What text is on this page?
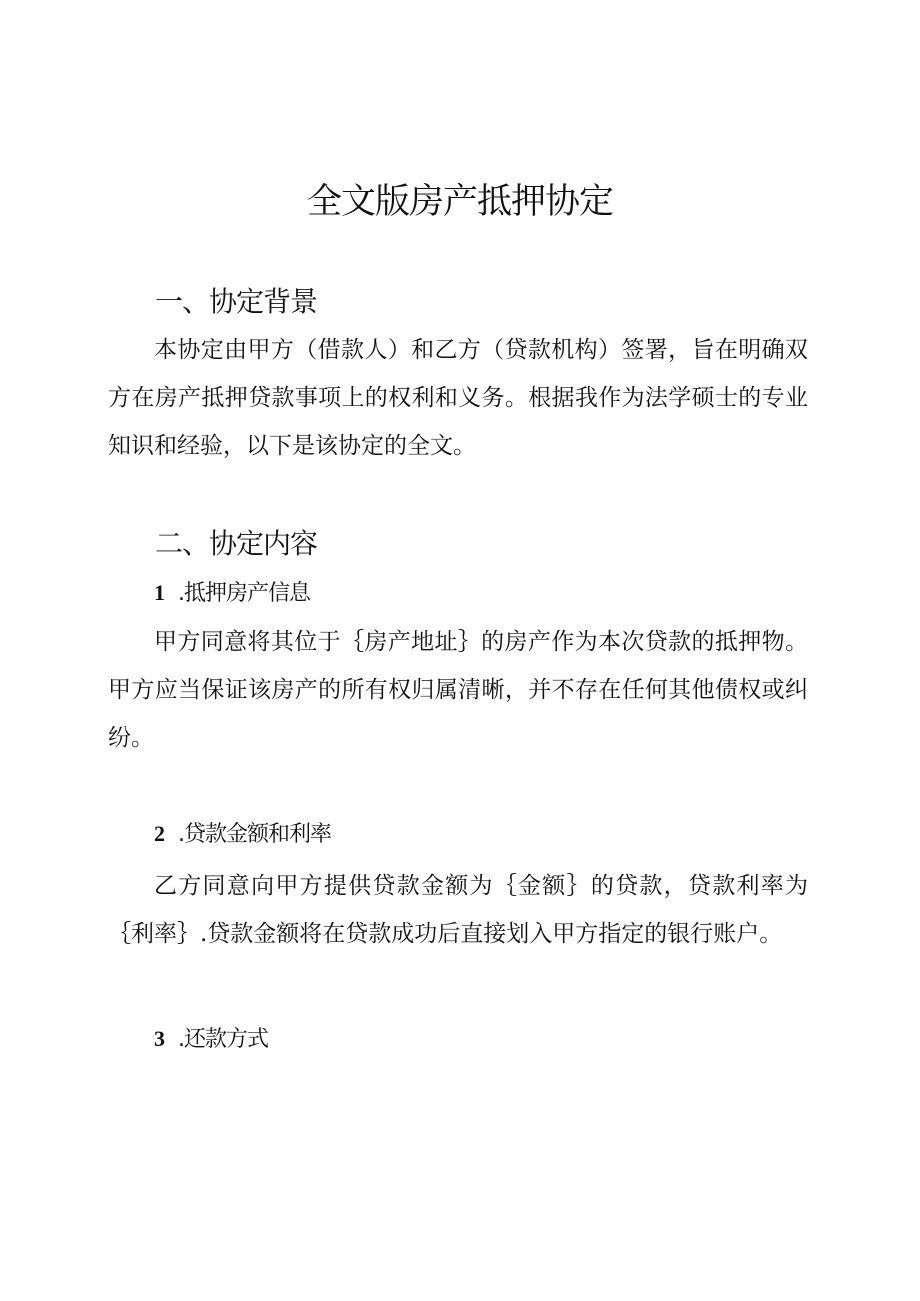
全文版房产抵押协定
一、协定背景

本协定由甲方（借款人）和乙方（贷款机构）签署，旨在明确双方在房产抵押贷款事项上的权利和义务。根据我作为法学硕士的专业知识和经验，以下是该协定的全文。

二、协定内容
1 .抵押房产信息

甲方同意将其位于｛房产地址｝的房产作为本次贷款的抵押物。甲方应当保证该房产的所有权归属清晰，并不存在任何其他债权或纠纷。

2 .贷款金额和利率

乙方同意向甲方提供贷款金额为｛金额｝的贷款，贷款利率为｛利率｝.贷款金额将在贷款成功后直接划入甲方指定的银行账户。

3 .还款方式
